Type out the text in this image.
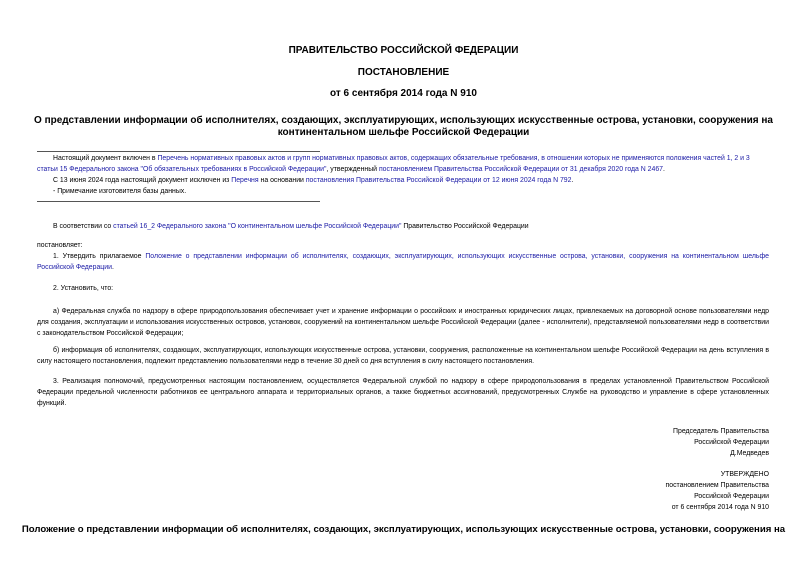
ПРАВИТЕЛЬСТВО РОССИЙСКОЙ ФЕДЕРАЦИИ
ПОСТАНОВЛЕНИЕ
от 6 сентября 2014 года N 910
О представлении информации об исполнителях, создающих, эксплуатирующих, использующих искусственные острова, установки, сооружения на
континентальном шельфе Российской Федерации
Настоящий документ включен в Перечень нормативных правовых актов и групп нормативных правовых актов, содержащих обязательные требования, в отношении которых не применяются положения частей 1, 2 и 3 статьи 15 Федерального закона "Об обязательных требованиях в Российской Федерации", утвержденный постановлением Правительства Российской Федерации от 31 декабря 2020 года N 2467.
С 13 июня 2024 года настоящий документ исключен из Перечня на основании постановления Правительства Российской Федерации от 12 июня 2024 года N 792.
- Примечание изготовителя базы данных.
В соответствии со статьей 16_2 Федерального закона "О континентальном шельфе Российской Федерации" Правительство Российской Федерации
постановляет:
1. Утвердить прилагаемое Положение о представлении информации об исполнителях, создающих, эксплуатирующих, использующих искусственные острова, установки, сооружения на континентальном шельфе Российской Федерации.
2. Установить, что:
а) Федеральная служба по надзору в сфере природопользования обеспечивает учет и хранение информации о российских и иностранных юридических лицах, привлекаемых на договорной основе пользователями недр для создания, эксплуатации и использования искусственных островов, установок, сооружений на континентальном шельфе Российской Федерации (далее - исполнители), представляемой пользователями недр в соответствии с законодательством Российской Федерации;
б) информация об исполнителях, создающих, эксплуатирующих, использующих искусственные острова, установки, сооружения, расположенные на континентальном шельфе Российской Федерации на день вступления в силу настоящего постановления, подлежит представлению пользователями недр в течение 30 дней со дня вступления в силу настоящего постановления.
3. Реализация полномочий, предусмотренных настоящим постановлением, осуществляется Федеральной службой по надзору в сфере природопользования в пределах установленной Правительством Российской Федерации предельной численности работников ее центрального аппарата и территориальных органов, а также бюджетных ассигнований, предусмотренных Службе на руководство и управление в сфере установленных функций.
Председатель Правительства
Российской Федерации
Д.Медведев
УТВЕРЖДЕНО
постановлением Правительства
Российской Федерации
от 6 сентября 2014 года N 910
Положение о представлении информации об исполнителях, создающих, эксплуатирующих, использующих искусственные острова, установки, сооружения на
